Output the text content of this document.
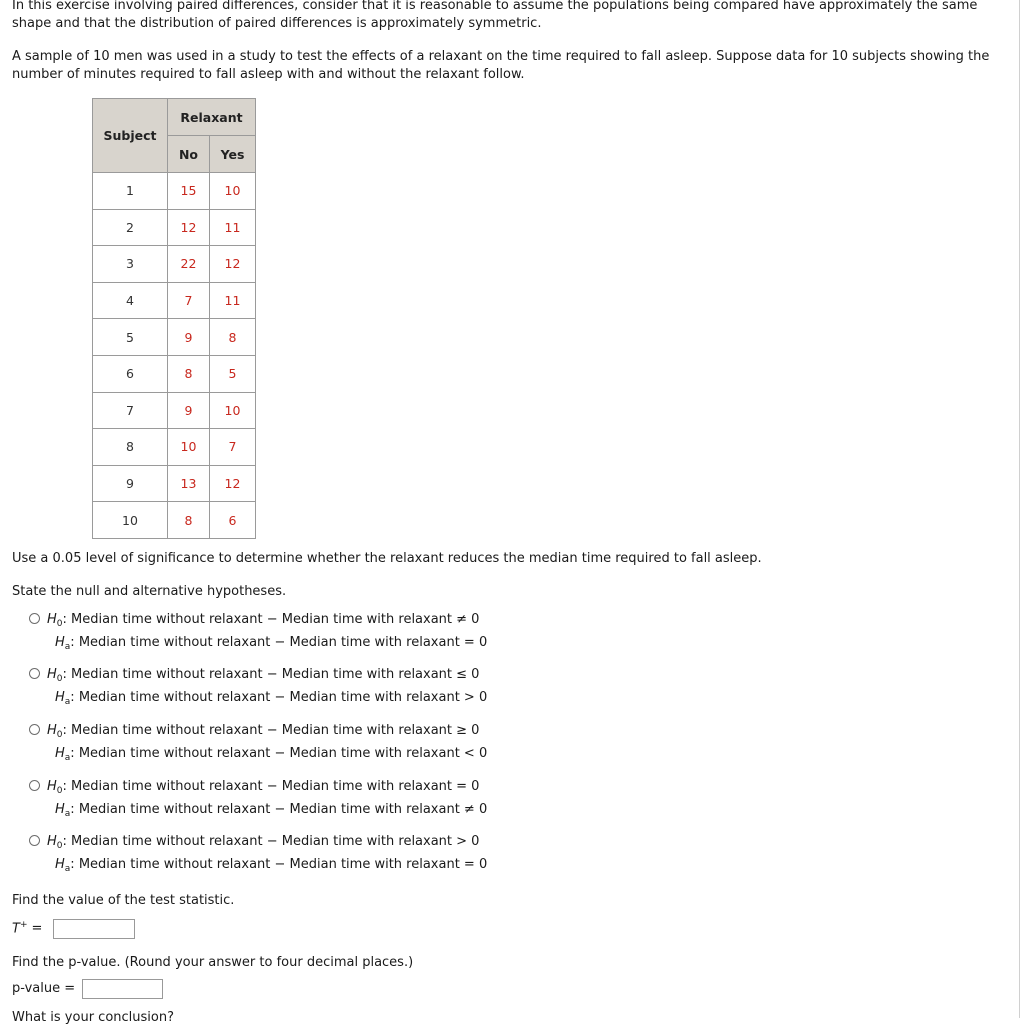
In this exercise involving paired differences, consider that it is reasonable to assume the populations being compared have approximately the same shape and that the distribution of paired differences is approximately symmetric.
A sample of 10 men was used in a study to test the effects of a relaxant on the time required to fall asleep. Suppose data for 10 subjects showing the number of minutes required to fall asleep with and without the relaxant follow.
Subject	Relaxant	
	No	Yes
1	15	10
2	12	11
3	22	12
4	7	11
5	9	8
6	8	5
7	9	10
8	10	7
9	13	12
10	8	6
Use a 0.05 level of significance to determine whether the relaxant reduces the median time required to fall asleep.
State the null and alternative hypotheses.
$H_0$: Median time without relaxant − Median time with relaxant ≠ 0
$H_a$: Median time without relaxant − Median time with relaxant = 0
$H_0$: Median time without relaxant − Median time with relaxant ≤ 0
$H_a$: Median time without relaxant − Median time with relaxant > 0
$H_0$: Median time without relaxant − Median time with relaxant ≥ 0
$H_a$: Median time without relaxant − Median time with relaxant < 0
$H_0$: Median time without relaxant − Median time with relaxant = 0
$H_a$: Median time without relaxant − Median time with relaxant ≠ 0
$H_0$: Median time without relaxant − Median time with relaxant > 0
$H_a$: Median time without relaxant − Median time with relaxant = 0
Find the value of the test statistic.
T+ =
Find the p-value. (Round your answer to four decimal places.)
p-value =
What is your conclusion?
